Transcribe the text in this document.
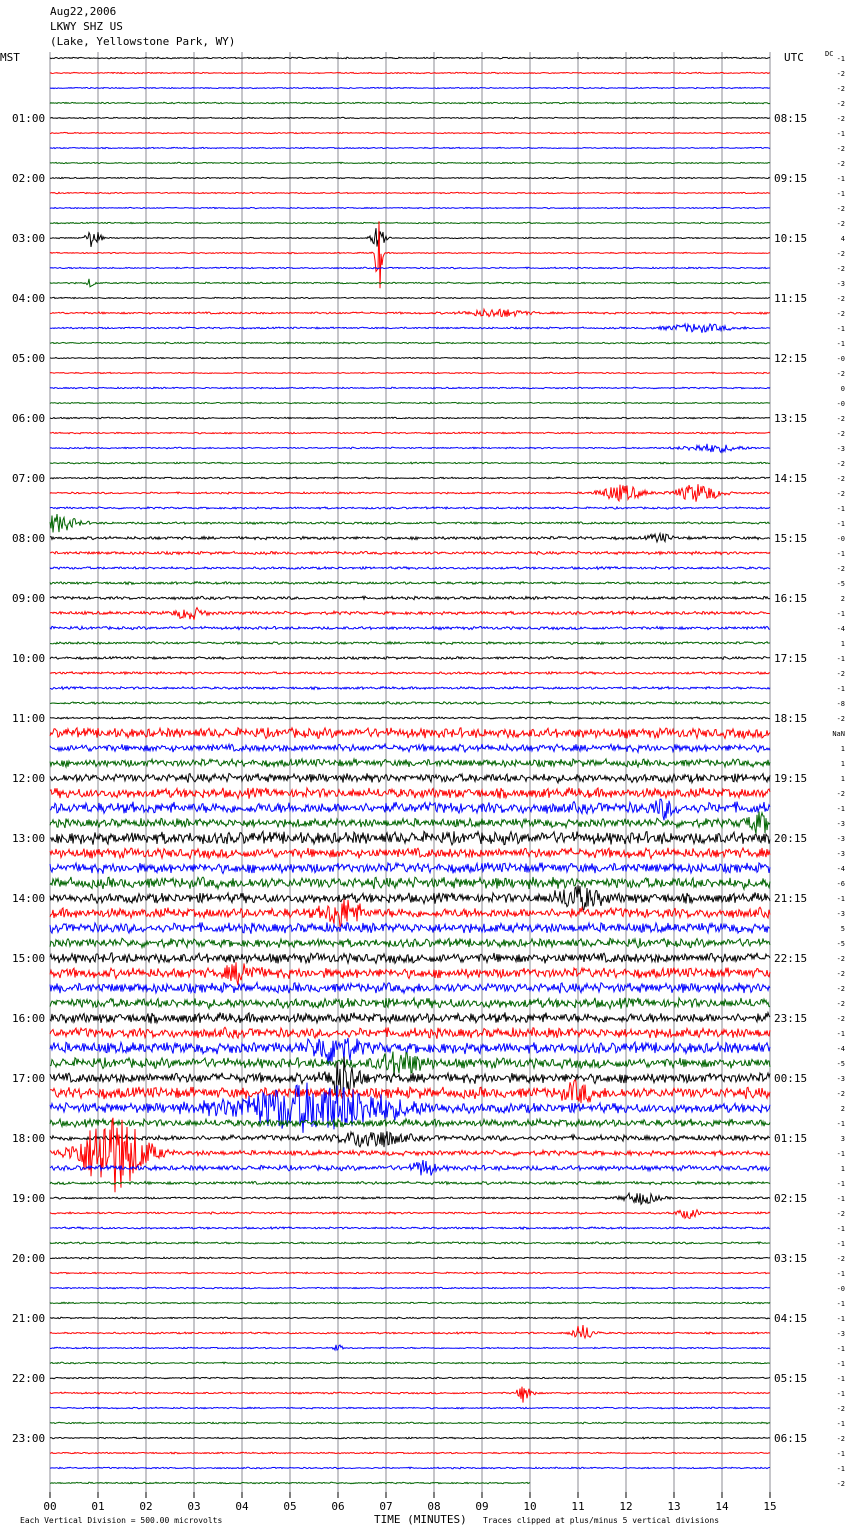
Aug22,2006
LKWY SHZ US
(Lake, Yellowstone Park, WY)
MST	UTC	DC
01:00
02:00
03:00
04:00
05:00
06:00
07:00
08:00
09:00
10:00
11:00
12:00
13:00
14:00
15:00
16:00
17:00
18:00
19:00
20:00
21:00
22:00
23:00
08:15
09:15
10:15
11:15
12:15
13:15
14:15
15:15
16:15
17:15
18:15
19:15
20:15
21:15
22:15
23:15
00:15
01:15
02:15
03:15
04:15
05:15
06:15
-1
-2
-2
-2
-2
-1
-2
-2
-1
-1
-2
-2
4
-2
-2
-3
-2
-2
-1
-1
-0
-2
0
-0
-2
-2
-3
-2
-2
-2
-1
-1
-0
-1
-2
-5
2
-1
-4
1
-1
-2
-1
-8
-2
NaN
1
1
1
-2
-1
-3
-3
-3
-4
-6
-1
-3
5
-5
-2
-2
-2
-2
-2
-1
-4
-5
-3
-2
2
-1
3
-1
1
-1
-1
-2
-1
-1
-2
-1
-0
-1
-1
-3
-1
-1
-1
-1
-2
-1
-2
-1
-1
-2
00	01	02	03	04	05	06	07	08	09	10	11	12	13	14	15
Each Vertical Division = 500.00 microvolts	TIME (MINUTES) Traces clipped at plus/minus 5 vertical divisions
